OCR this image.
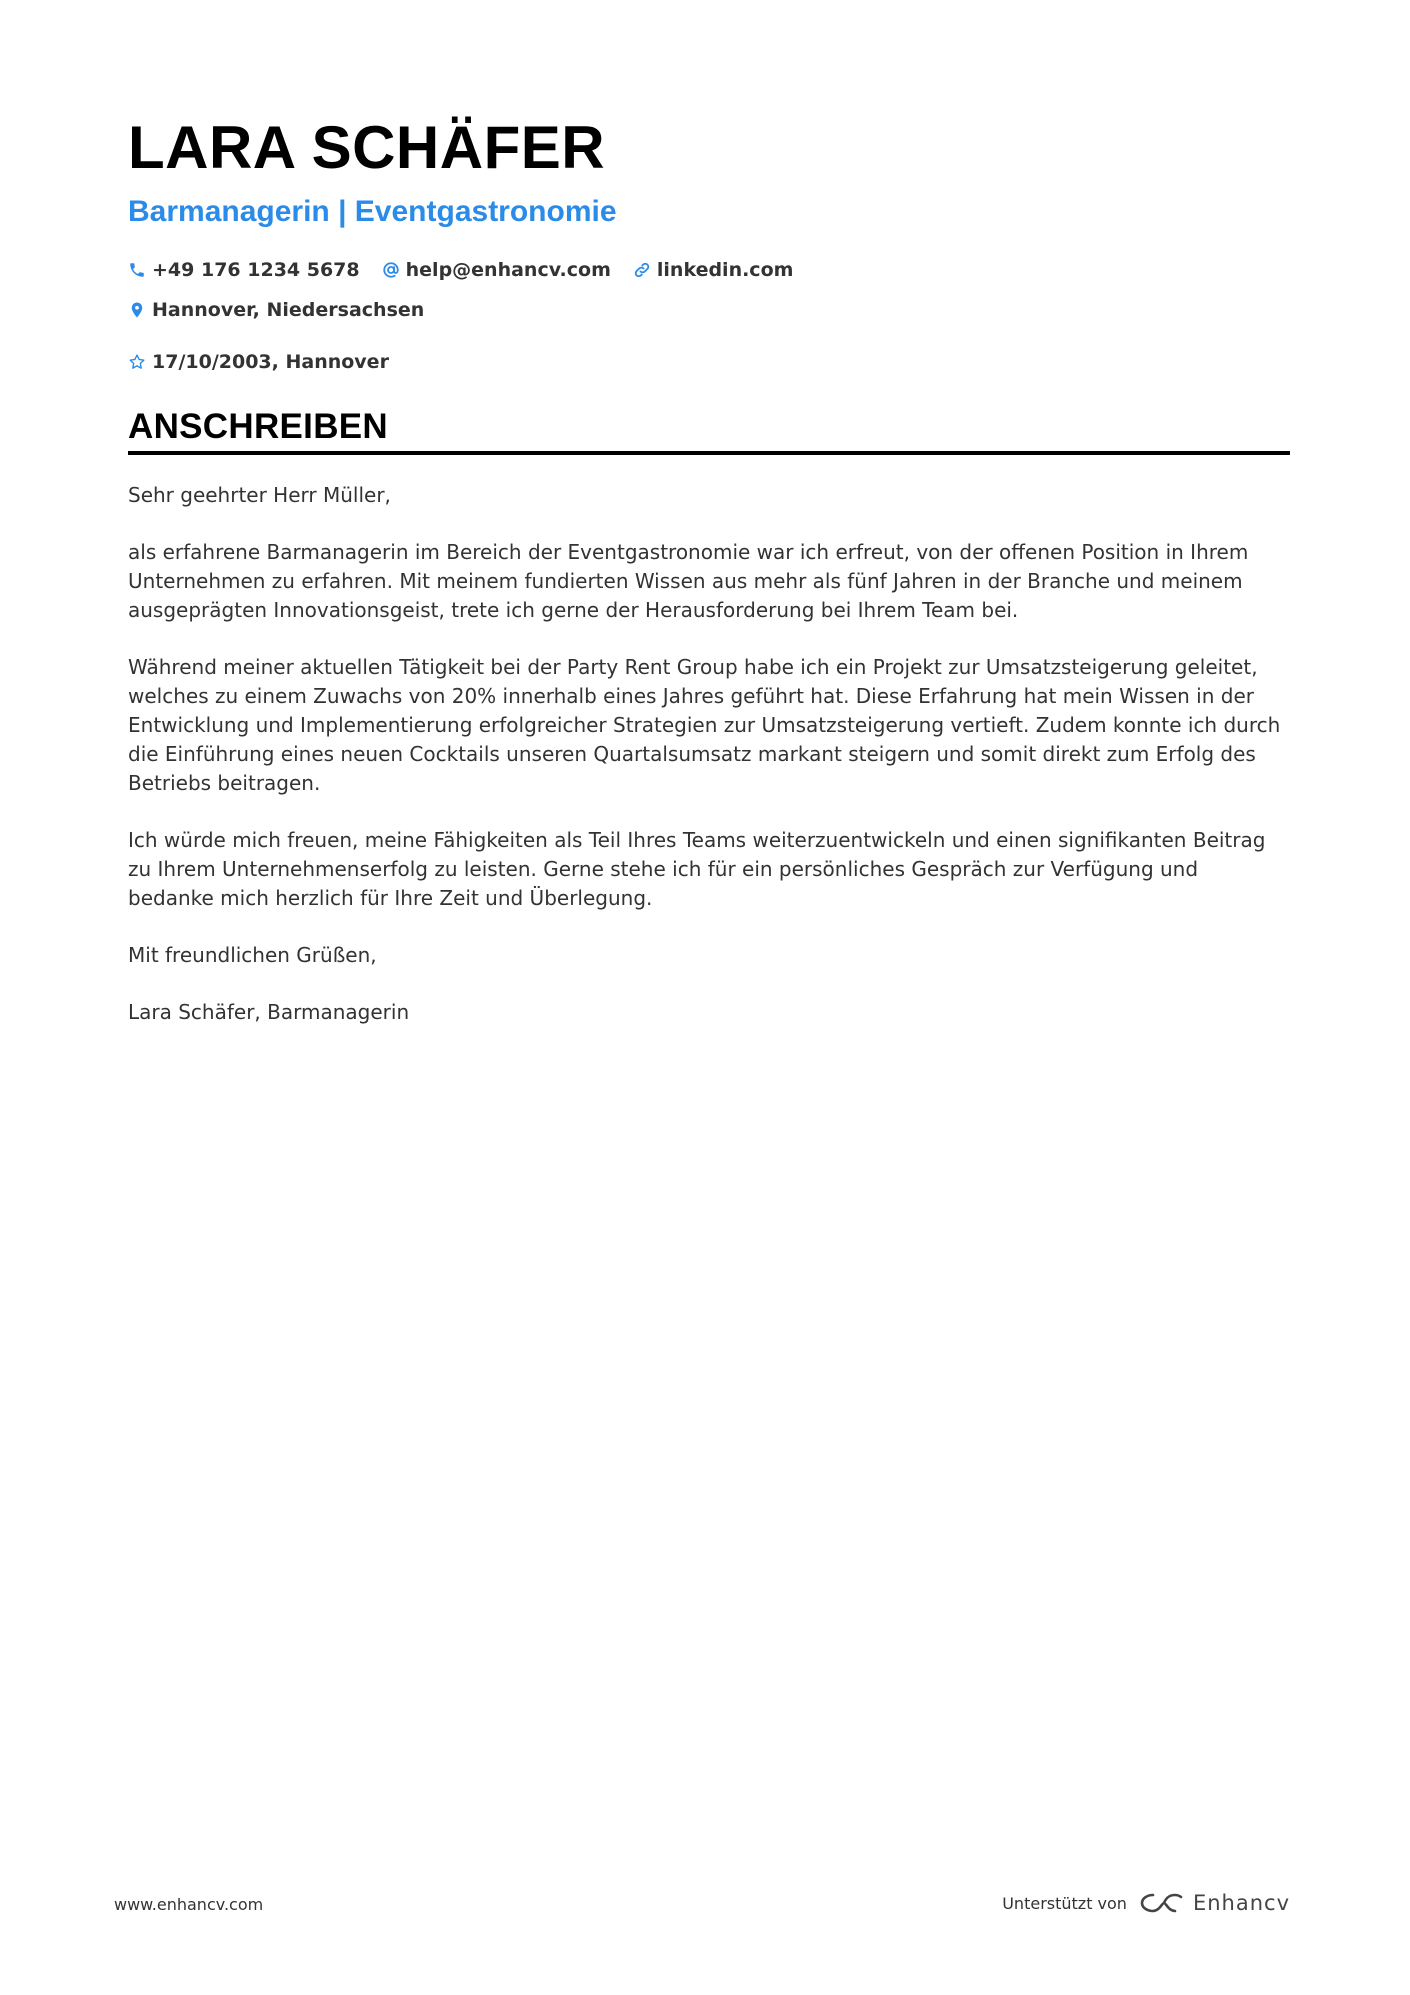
LARA SCHÄFER
Barmanagerin | Eventgastronomie
+49 176 1234 5678 help@enhancv.com linkedin.com
Hannover, Niedersachsen
17/10/2003, Hannover
ANSCHREIBEN

Sehr geehrter Herr Müller,

als erfahrene Barmanagerin im Bereich der Eventgastronomie war ich erfreut, von der offenen Position in Ihrem Unternehmen zu erfahren. Mit meinem fundierten Wissen aus mehr als fünf Jahren in der Branche und meinem ausgeprägten Innovationsgeist, trete ich gerne der Herausforderung bei Ihrem Team bei.

Während meiner aktuellen Tätigkeit bei der Party Rent Group habe ich ein Projekt zur Umsatzsteigerung geleitet, welches zu einem Zuwachs von 20% innerhalb eines Jahres geführt hat. Diese Erfahrung hat mein Wissen in der Entwicklung und Implementierung erfolgreicher Strategien zur Umsatzsteigerung vertieft. Zudem konnte ich durch die Einführung eines neuen Cocktails unseren Quartalsumsatz markant steigern und somit direkt zum Erfolg des Betriebs beitragen.

Ich würde mich freuen, meine Fähigkeiten als Teil Ihres Teams weiterzuentwickeln und einen signifikanten Beitrag zu Ihrem Unternehmenserfolg zu leisten. Gerne stehe ich für ein persönliches Gespräch zur Verfügung und bedanke mich herzlich für Ihre Zeit und Überlegung.

Mit freundlichen Grüßen,

Lara Schäfer, Barmanagerin

www.enhancv.com	Unterstützt von	Enhancv
